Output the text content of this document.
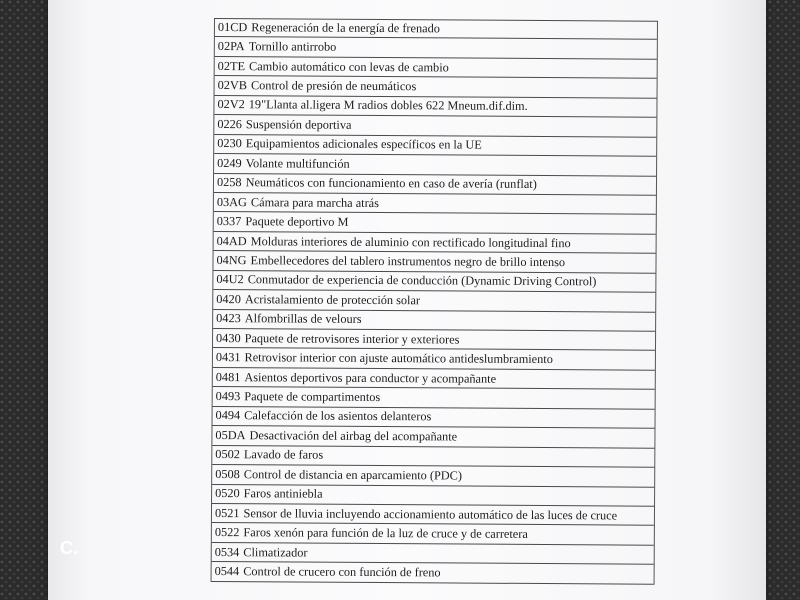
01CD Regeneración de la energía de frenado
02PA Tornillo antirrobo
02TE Cambio automático con levas de cambio
02VB Control de presión de neumáticos
02V2 19"Llanta al.ligera M radios dobles 622 Mneum.dif.dim.
0226 Suspensión deportiva
0230 Equipamientos adicionales específicos en la UE
0249 Volante multifunción
0258 Neumáticos con funcionamiento en caso de avería (runflat)
03AG Cámara para marcha atrás
0337 Paquete deportivo M
04AD Molduras interiores de aluminio con rectificado longitudinal fino
04NG Embellecedores del tablero instrumentos negro de brillo intenso
04U2 Conmutador de experiencia de conducción (Dynamic Driving Control)
0420 Acristalamiento de protección solar
0423 Alfombrillas de velours
0430 Paquete de retrovisores interior y exteriores
0431 Retrovisor interior con ajuste automático antideslumbramiento
0481 Asientos deportivos para conductor y acompañante
0493 Paquete de compartimentos
0494 Calefacción de los asientos delanteros
05DA Desactivación del airbag del acompañante
0502 Lavado de faros
0508 Control de distancia en aparcamiento (PDC)
0520 Faros antiniebla
0521 Sensor de lluvia incluyendo accionamiento automático de las luces de cruce
0522 Faros xenón para función de la luz de cruce y de carretera
0534 Climatizador
0544 Control de crucero con función de freno
C.
